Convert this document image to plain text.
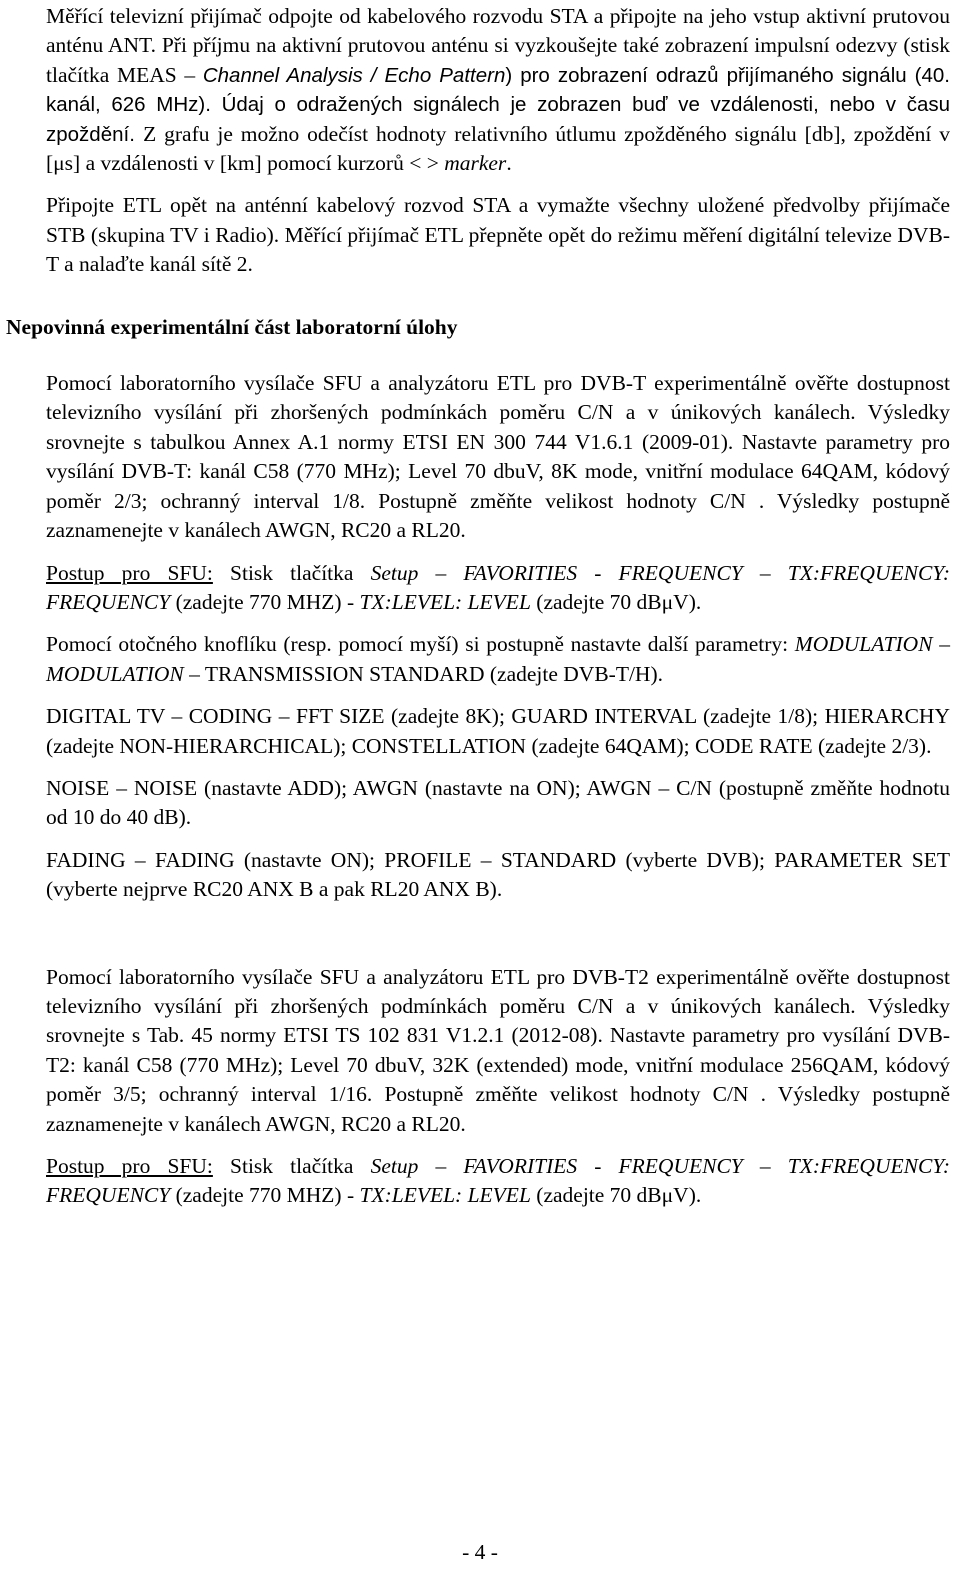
Měřící televizní přijímač odpojte od kabelového rozvodu STA a připojte na jeho vstup aktivní prutovou anténu ANT. Při příjmu na aktivní prutovou anténu si vyzkoušejte také zobrazení impulsní odezvy (stisk tlačítka MEAS – Channel Analysis / Echo Pattern) pro zobrazení odrazů přijímaného signálu (40. kanál, 626 MHz). Údaj o odražených signálech je zobrazen buď ve vzdálenosti, nebo v času zpoždění. Z grafu je možno odečíst hodnoty relativního útlumu zpožděného signálu [db], zpoždění v [μs] a vzdálenosti v [km] pomocí kurzorů < > marker.

Připojte ETL opět na anténní kabelový rozvod STA a vymažte všechny uložené předvolby přijímače STB (skupina TV i Radio). Měřící přijímač ETL přepněte opět do režimu měření digitální televize DVB-T a nalaďte kanál sítě 2.

Nepovinná experimentální část laboratorní úlohy

Pomocí laboratorního vysílače SFU a analyzátoru ETL pro DVB-T experimentálně ověřte dostupnost televizního vysílání při zhoršených podmínkách poměru C/N a v únikových kanálech. Výsledky srovnejte s tabulkou Annex A.1 normy ETSI EN 300 744 V1.6.1 (2009-01). Nastavte parametry pro vysílání DVB-T: kanál C58 (770 MHz); Level 70 dbuV, 8K mode, vnitřní modulace 64QAM, kódový poměr 2/3; ochranný interval 1/8. Postupně změňte velikost hodnoty C/N . Výsledky postupně zaznamenejte v kanálech AWGN, RC20 a RL20.

Postup pro SFU: Stisk tlačítka Setup – FAVORITIES - FREQUENCY – TX:FREQUENCY: FREQUENCY (zadejte 770 MHZ) - TX:LEVEL: LEVEL (zadejte 70 dBμV).

Pomocí otočného knoflíku (resp. pomocí myší) si postupně nastavte další parametry: MODULATION – MODULATION – TRANSMISSION STANDARD (zadejte DVB-T/H).

DIGITAL TV – CODING – FFT SIZE (zadejte 8K); GUARD INTERVAL (zadejte 1/8); HIERARCHY (zadejte NON-HIERARCHICAL); CONSTELLATION (zadejte 64QAM); CODE RATE (zadejte 2/3).

NOISE – NOISE (nastavte ADD); AWGN (nastavte na ON); AWGN – C/N (postupně změňte hodnotu od 10 do 40 dB).

FADING – FADING (nastavte ON); PROFILE – STANDARD (vyberte DVB); PARAMETER SET (vyberte nejprve RC20 ANX B a pak RL20 ANX B).

Pomocí laboratorního vysílače SFU a analyzátoru ETL pro DVB-T2 experimentálně ověřte dostupnost televizního vysílání při zhoršených podmínkách poměru C/N a v únikových kanálech. Výsledky srovnejte s Tab. 45 normy ETSI TS 102 831 V1.2.1 (2012-08). Nastavte parametry pro vysílání DVB-T2: kanál C58 (770 MHz); Level 70 dbuV, 32K (extended) mode, vnitřní modulace 256QAM, kódový poměr 3/5; ochranný interval 1/16. Postupně změňte velikost hodnoty C/N . Výsledky postupně zaznamenejte v kanálech AWGN, RC20 a RL20.

Postup pro SFU: Stisk tlačítka Setup – FAVORITIES - FREQUENCY – TX:FREQUENCY: FREQUENCY (zadejte 770 MHZ) - TX:LEVEL: LEVEL (zadejte 70 dBμV).

- 4 -
